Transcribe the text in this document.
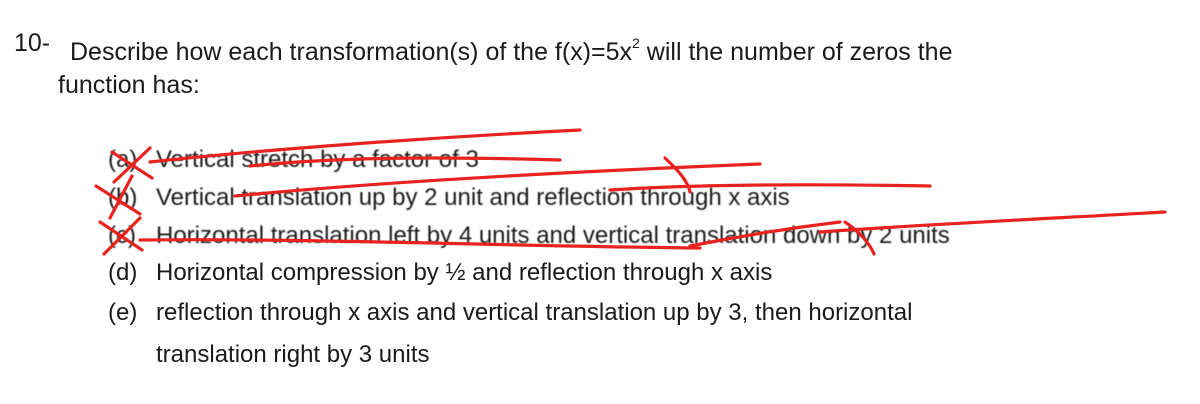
10- Describe how each transformation(s) of the $f(x)=5x^2$ will the number of zeros the
function has:
(a) Vertical stretch by a factor of 3
(b) Vertical translation up by 2 unit and reflection through x axis
(c) Horizontal translation left by 4 units and vertical translation down by 2 units
(d) Horizontal compression by ½ and reflection through x axis
(e) reflection through x axis and vertical translation up by 3, then horizontal
translation right by 3 units
